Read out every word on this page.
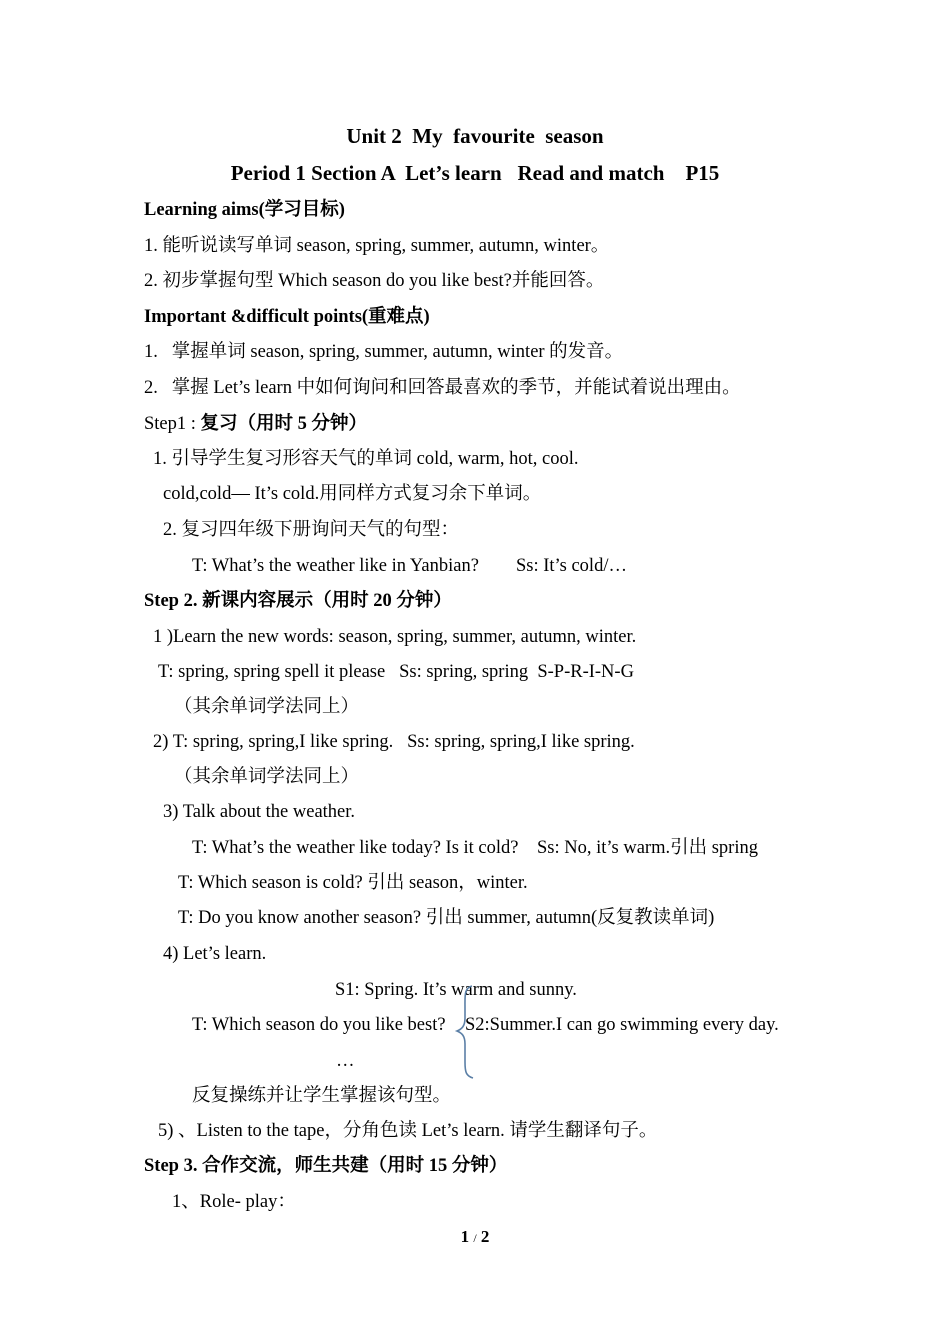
Unit 2  My  favourite  season
Period 1 Section A  Let’s learn   Read and match    P15
Learning aims(学习目标)
1. 能听说读写单词 season, spring, summer, autumn, winter。
2. 初步掌握句型 Which season do you like best?并能回答。
Important &difficult points(重难点)
1.   掌握单词 season, spring, summer, autumn, winter 的发音。
2.   掌握 Let’s learn 中如何询问和回答最喜欢的季节，并能试着说出理由。
Step1 : 复习（用时 5 分钟）
1. 引导学生复习形容天气的单词 cold, warm, hot, cool.
cold,cold— It’s cold.用同样方式复习余下单词。
2. 复习四年级下册询问天气的句型：
T: What’s the weather like in Yanbian?        Ss: It’s cold/…
Step 2. 新课内容展示（用时 20 分钟）
1 )Learn the new words: season, spring, summer, autumn, winter.
T: spring, spring spell it please   Ss: spring, spring  S-P-R-I-N-G
（其余单词学法同上）
2) T: spring, spring,I like spring.   Ss: spring, spring,I like spring.
（其余单词学法同上）
3) Talk about the weather.
T: What’s the weather like today? Is it cold?    Ss: No, it’s warm.引出 spring
T: Which season is cold? 引出 season，winter.
T: Do you know another season? 引出 summer, autumn(反复教读单词)
4) Let’s learn.
S1: Spring. It’s warm and sunny.
T: Which season do you like best? S2:Summer.I can go swimming every day.
…
反复操练并让学生掌握该句型。
5) 、Listen to the tape，分角色读 Let’s learn. 请学生翻译句子。
Step 3. 合作交流，师生共建（用时 15 分钟）
1、Role- play：
1 / 2
